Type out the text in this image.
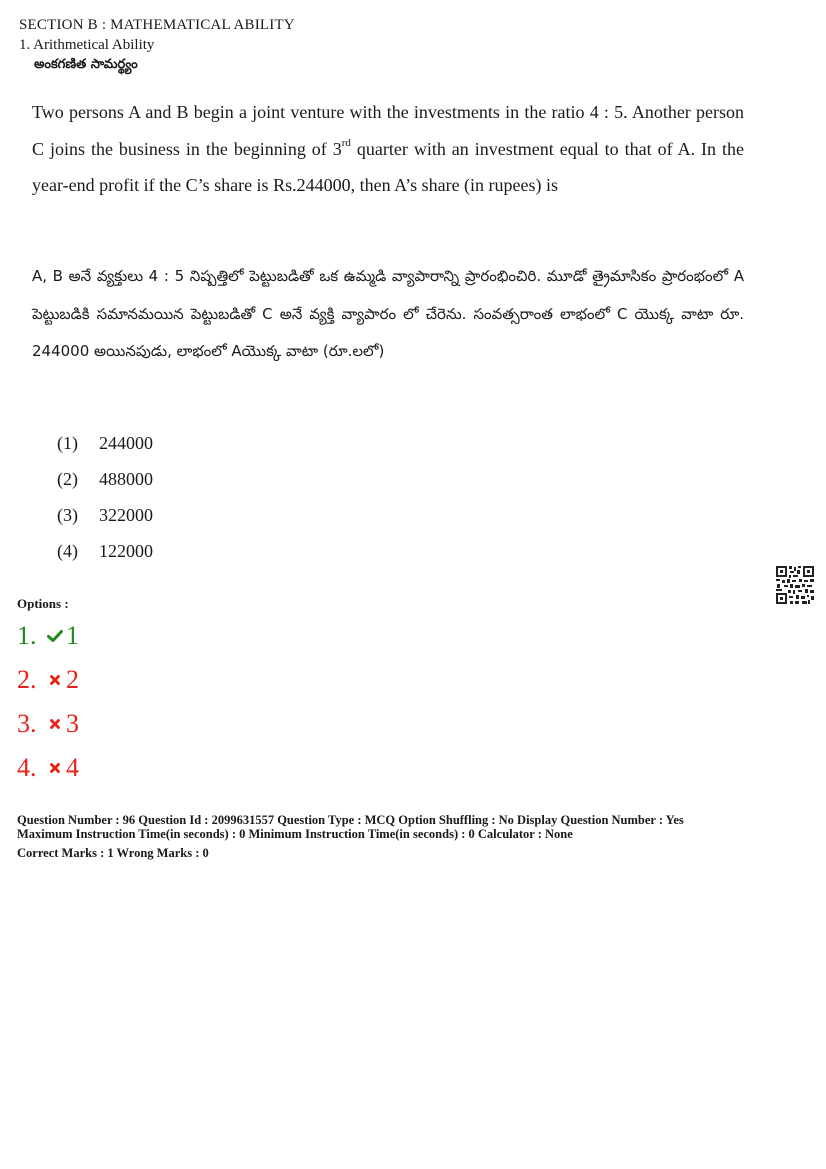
SECTION B : MATHEMATICAL ABILITY
1. Arithmetical Ability
అంకగణిత సామర్థ్యం
Two persons A and B begin a joint venture with the investments in the ratio 4 : 5. Another person C joins the business in the beginning of 3rd quarter with an investment equal to that of A. In the year-end profit if the C’s share is Rs.244000, then A’s share (in rupees) is
A, B అనే వ్యక్తులు 4 : 5 నిష్పత్తిలో పెట్టుబడితో ఒక ఉమ్మడి వ్యాపారాన్ని ప్రారంభించిరి. మూడో త్రైమాసికం ప్రారంభంలో A పెట్టుబడికి సమానమయిన పెట్టుబడితో C అనే వ్యక్తి వ్యాపారం లో చేరెను. సంవత్సరాంత లాభంలో C యొక్క వాటా రూ. 244000 అయినపుడు, లాభంలో Aయొక్క వాటా (రూ.లలో)
(1)	244000
(2)	488000
(3)	322000
(4)	122000
Options :
1. 1
2. 2
3. 3
4. 4
Question Number : 96 Question Id : 2099631557 Question Type : MCQ Option Shuffling : No Display Question Number : Yes
Maximum Instruction Time(in seconds) : 0 Minimum Instruction Time(in seconds) : 0 Calculator : None
Correct Marks : 1 Wrong Marks : 0
